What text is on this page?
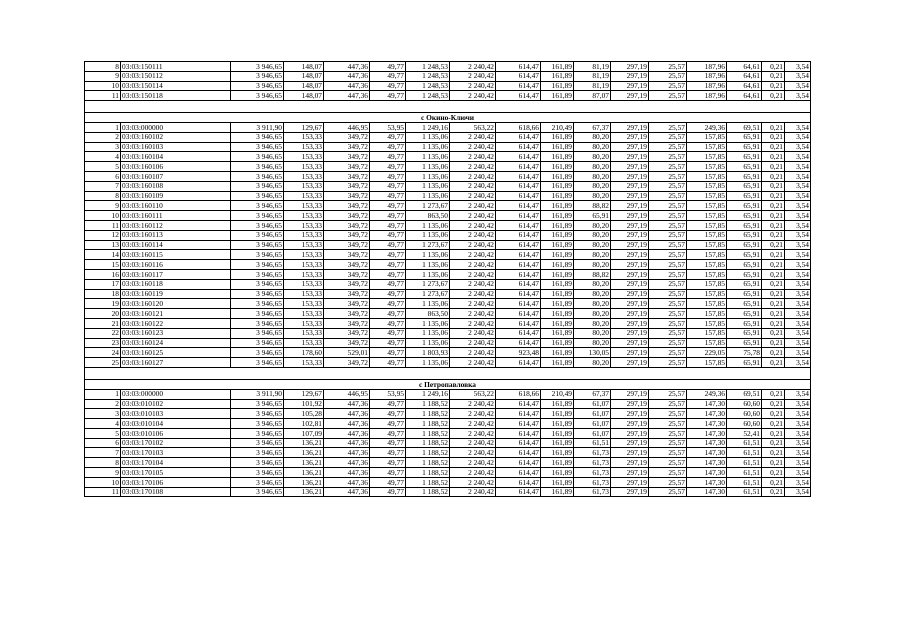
8	03:03:150111	3 946,65	148,07	447,36	49,77	1 248,53	2 240,42	614,47	161,89	81,19	297,19	25,57	187,96	64,61	0,21	3,54
9	03:03:150112	3 946,65	148,07	447,36	49,77	1 248,53	2 240,42	614,47	161,89	81,19	297,19	25,57	187,96	64,61	0,21	3,54
10	03:03:150114	3 946,65	148,07	447,36	49,77	1 248,53	2 240,42	614,47	161,89	81,19	297,19	25,57	187,96	64,61	0,21	3,54
11	03:03:150118	3 946,65	148,07	447,36	49,77	1 248,53	2 240,42	614,47	161,89	87,07	297,19	25,57	187,96	64,61	0,21	3,54

с Окино-Ключи																
1	03:03:000000	3 911,90	129,67	446,95	53,95	1 249,16	563,22	618,66	210,49	67,37	297,19	25,57	249,36	69,51	0,21	3,54
2	03:03:160102	3 946,65	153,33	349,72	49,77	1 135,06	2 240,42	614,47	161,89	80,20	297,19	25,57	157,85	65,91	0,21	3,54
3	03:03:160103	3 946,65	153,33	349,72	49,77	1 135,06	2 240,42	614,47	161,89	80,20	297,19	25,57	157,85	65,91	0,21	3,54
4	03:03:160104	3 946,65	153,33	349,72	49,77	1 135,06	2 240,42	614,47	161,89	80,20	297,19	25,57	157,85	65,91	0,21	3,54
5	03:03:160106	3 946,65	153,33	349,72	49,77	1 135,06	2 240,42	614,47	161,89	80,20	297,19	25,57	157,85	65,91	0,21	3,54
6	03:03:160107	3 946,65	153,33	349,72	49,77	1 135,06	2 240,42	614,47	161,89	80,20	297,19	25,57	157,85	65,91	0,21	3,54
7	03:03:160108	3 946,65	153,33	349,72	49,77	1 135,06	2 240,42	614,47	161,89	80,20	297,19	25,57	157,85	65,91	0,21	3,54
8	03:03:160109	3 946,65	153,33	349,72	49,77	1 135,06	2 240,42	614,47	161,89	80,20	297,19	25,57	157,85	65,91	0,21	3,54
9	03:03:160110	3 946,65	153,33	349,72	49,77	1 273,67	2 240,42	614,47	161,89	88,82	297,19	25,57	157,85	65,91	0,21	3,54
10	03:03:160111	3 946,65	153,33	349,72	49,77	863,50	2 240,42	614,47	161,89	65,91	297,19	25,57	157,85	65,91	0,21	3,54
11	03:03:160112	3 946,65	153,33	349,72	49,77	1 135,06	2 240,42	614,47	161,89	80,20	297,19	25,57	157,85	65,91	0,21	3,54
12	03:03:160113	3 946,65	153,33	349,72	49,77	1 135,06	2 240,42	614,47	161,89	80,20	297,19	25,57	157,85	65,91	0,21	3,54
13	03:03:160114	3 946,65	153,33	349,72	49,77	1 273,67	2 240,42	614,47	161,89	80,20	297,19	25,57	157,85	65,91	0,21	3,54
14	03:03:160115	3 946,65	153,33	349,72	49,77	1 135,06	2 240,42	614,47	161,89	80,20	297,19	25,57	157,85	65,91	0,21	3,54
15	03:03:160116	3 946,65	153,33	349,72	49,77	1 135,06	2 240,42	614,47	161,89	80,20	297,19	25,57	157,85	65,91	0,21	3,54
16	03:03:160117	3 946,65	153,33	349,72	49,77	1 135,06	2 240,42	614,47	161,89	88,82	297,19	25,57	157,85	65,91	0,21	3,54
17	03:03:160118	3 946,65	153,33	349,72	49,77	1 273,67	2 240,42	614,47	161,89	80,20	297,19	25,57	157,85	65,91	0,21	3,54
18	03:03:160119	3 946,65	153,33	349,72	49,77	1 273,67	2 240,42	614,47	161,89	80,20	297,19	25,57	157,85	65,91	0,21	3,54
19	03:03:160120	3 946,65	153,33	349,72	49,77	1 135,06	2 240,42	614,47	161,89	80,20	297,19	25,57	157,85	65,91	0,21	3,54
20	03:03:160121	3 946,65	153,33	349,72	49,77	863,50	2 240,42	614,47	161,89	80,20	297,19	25,57	157,85	65,91	0,21	3,54
21	03:03:160122	3 946,65	153,33	349,72	49,77	1 135,06	2 240,42	614,47	161,89	80,20	297,19	25,57	157,85	65,91	0,21	3,54
22	03:03:160123	3 946,65	153,33	349,72	49,77	1 135,06	2 240,42	614,47	161,89	80,20	297,19	25,57	157,85	65,91	0,21	3,54
23	03:03:160124	3 946,65	153,33	349,72	49,77	1 135,06	2 240,42	614,47	161,89	80,20	297,19	25,57	157,85	65,91	0,21	3,54
24	03:03:160125	3 946,65	178,60	529,01	49,77	1 803,93	2 240,42	923,48	161,89	130,05	297,19	25,57	229,05	75,78	0,21	3,54
25	03:03:160127	3 946,65	153,33	349,72	49,77	1 135,06	2 240,42	614,47	161,89	80,20	297,19	25,57	157,85	65,91	0,21	3,54

с Петропавловка																
1	03:03:000000	3 911,90	129,67	446,95	53,95	1 249,16	563,22	618,66	210,49	67,37	297,19	25,57	249,36	69,51	0,21	3,54
2	03:03:010102	3 946,65	101,92	447,36	49,77	1 188,52	2 240,42	614,47	161,89	61,07	297,19	25,57	147,30	60,60	0,21	3,54
3	03:03:010103	3 946,65	105,28	447,36	49,77	1 188,52	2 240,42	614,47	161,89	61,07	297,19	25,57	147,30	60,60	0,21	3,54
4	03:03:010104	3 946,65	102,81	447,36	49,77	1 188,52	2 240,42	614,47	161,89	61,07	297,19	25,57	147,30	60,60	0,21	3,54
5	03:03:010106	3 946,65	107,09	447,36	49,77	1 188,52	2 240,42	614,47	161,89	61,07	297,19	25,57	147,30	52,41	0,21	3,54
6	03:03:170102	3 946,65	136,21	447,36	49,77	1 188,52	2 240,42	614,47	161,89	61,51	297,19	25,57	147,30	61,51	0,21	3,54
7	03:03:170103	3 946,65	136,21	447,36	49,77	1 188,52	2 240,42	614,47	161,89	61,73	297,19	25,57	147,30	61,51	0,21	3,54
8	03:03:170104	3 946,65	136,21	447,36	49,77	1 188,52	2 240,42	614,47	161,89	61,73	297,19	25,57	147,30	61,51	0,21	3,54
9	03:03:170105	3 946,65	136,21	447,36	49,77	1 188,52	2 240,42	614,47	161,89	61,73	297,19	25,57	147,30	61,51	0,21	3,54
10	03:03:170106	3 946,65	136,21	447,36	49,77	1 188,52	2 240,42	614,47	161,89	61,73	297,19	25,57	147,30	61,51	0,21	3,54
11	03:03:170108	3 946,65	136,21	447,36	49,77	1 188,52	2 240,42	614,47	161,89	61,73	297,19	25,57	147,30	61,51	0,21	3,54
